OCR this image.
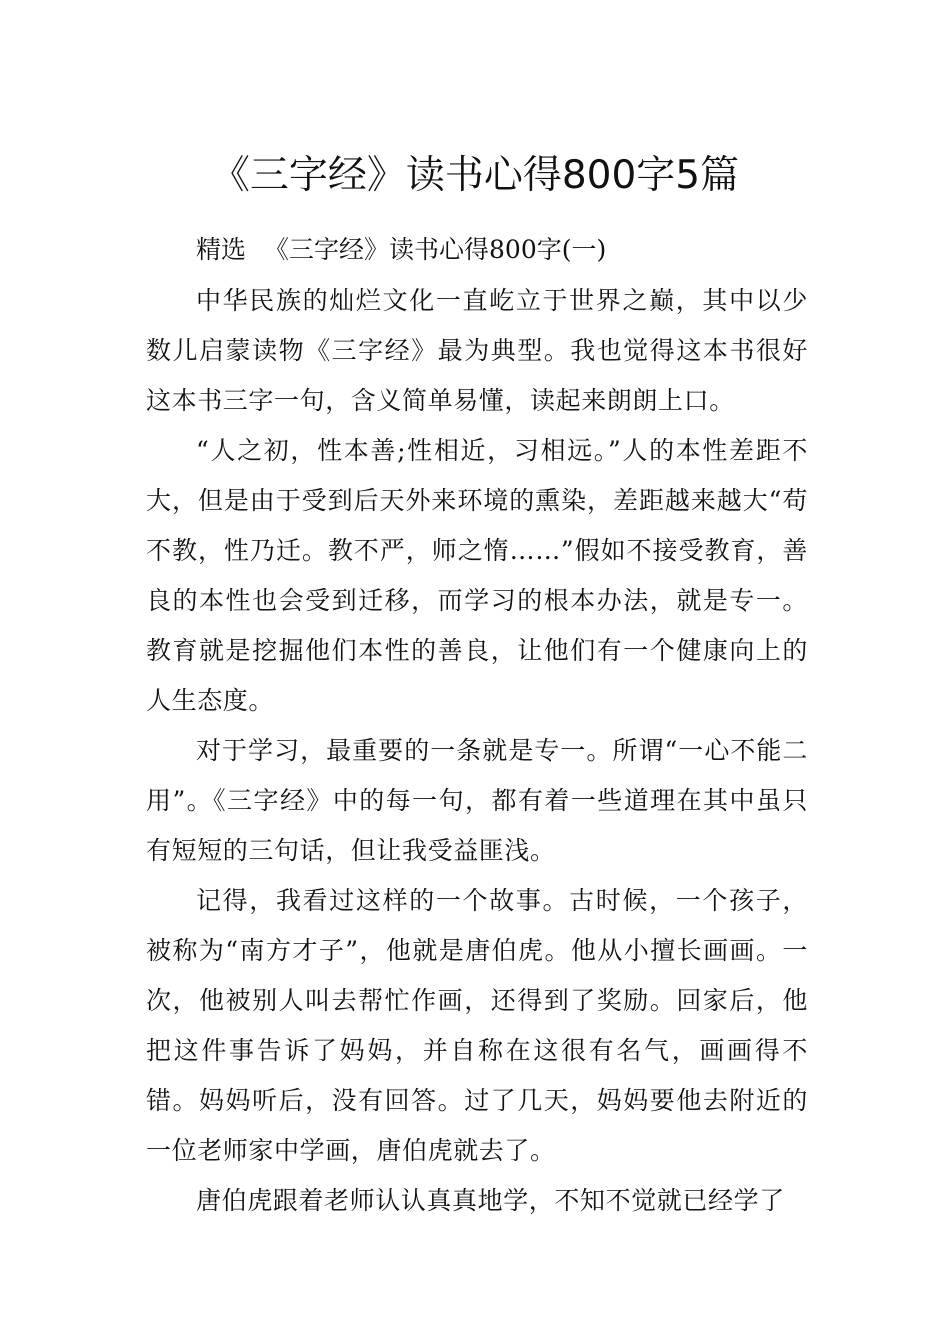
《三字经》读书心得800字5篇

精选 《三字经》读书心得800字(一)

中华民族的灿烂文化一直屹立于世界之巅，其中以少数儿启蒙读物《三字经》最为典型。我也觉得这本书很好这本书三字一句，含义简单易懂，读起来朗朗上口。

“人之初，性本善;性相近，习相远。”人的本性差距不大，但是由于受到后天外来环境的熏染，差距越来越大“苟不教，性乃迁。教不严，师之惰……”假如不接受教育，善良的本性也会受到迁移，而学习的根本办法，就是专一。教育就是挖掘他们本性的善良，让他们有一个健康向上的人生态度。

对于学习，最重要的一条就是专一。所谓“一心不能二用”。《三字经》中的每一句，都有着一些道理在其中虽只有短短的三句话，但让我受益匪浅。

记得，我看过这样的一个故事。古时候，一个孩子，被称为“南方才子”，他就是唐伯虎。他从小擅长画画。一次，他被别人叫去帮忙作画，还得到了奖励。回家后，他把这件事告诉了妈妈，并自称在这很有名气，画画得不错。妈妈听后，没有回答。过了几天，妈妈要他去附近的一位老师家中学画，唐伯虎就去了。

唐伯虎跟着老师认认真真地学，不知不觉就已经学了
